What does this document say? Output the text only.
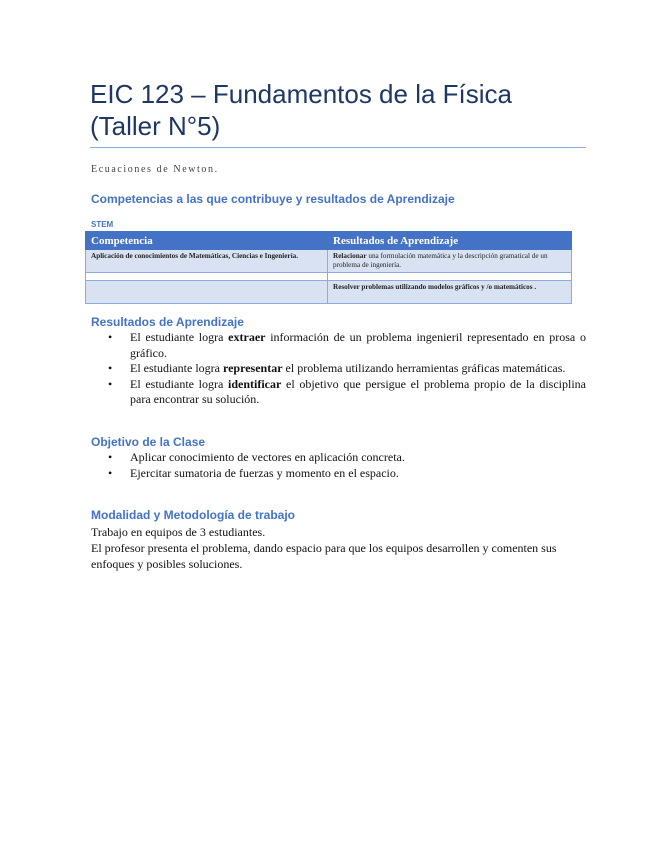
EIC 123 – Fundamentos de la Física (Taller N°5)
Ecuaciones de Newton.
Competencias a las que contribuye y resultados de Aprendizaje
STEM
Competencia	Resultados de Aprendizaje
Aplicación de conocimientos de Matemáticas, Ciencias e Ingeniería.	Relacionar una formulación matemática y la descripción gramatical de un problema de ingeniería.

	Resolver problemas utilizando modelos gráficos y /o matemáticos .
Resultados de Aprendizaje
• El estudiante logra extraer información de un problema ingenieril representado en prosa o gráfico.
• El estudiante logra representar el problema utilizando herramientas gráficas matemáticas.
• El estudiante logra identificar el objetivo que persigue el problema propio de la disciplina para encontrar su solución.
Objetivo de la Clase
• Aplicar conocimiento de vectores en aplicación concreta.
• Ejercitar sumatoria de fuerzas y momento en el espacio.
Modalidad y Metodología de trabajo
Trabajo en equipos de 3 estudiantes.
El profesor presenta el problema, dando espacio para que los equipos desarrollen y comenten sus enfoques y posibles soluciones.
